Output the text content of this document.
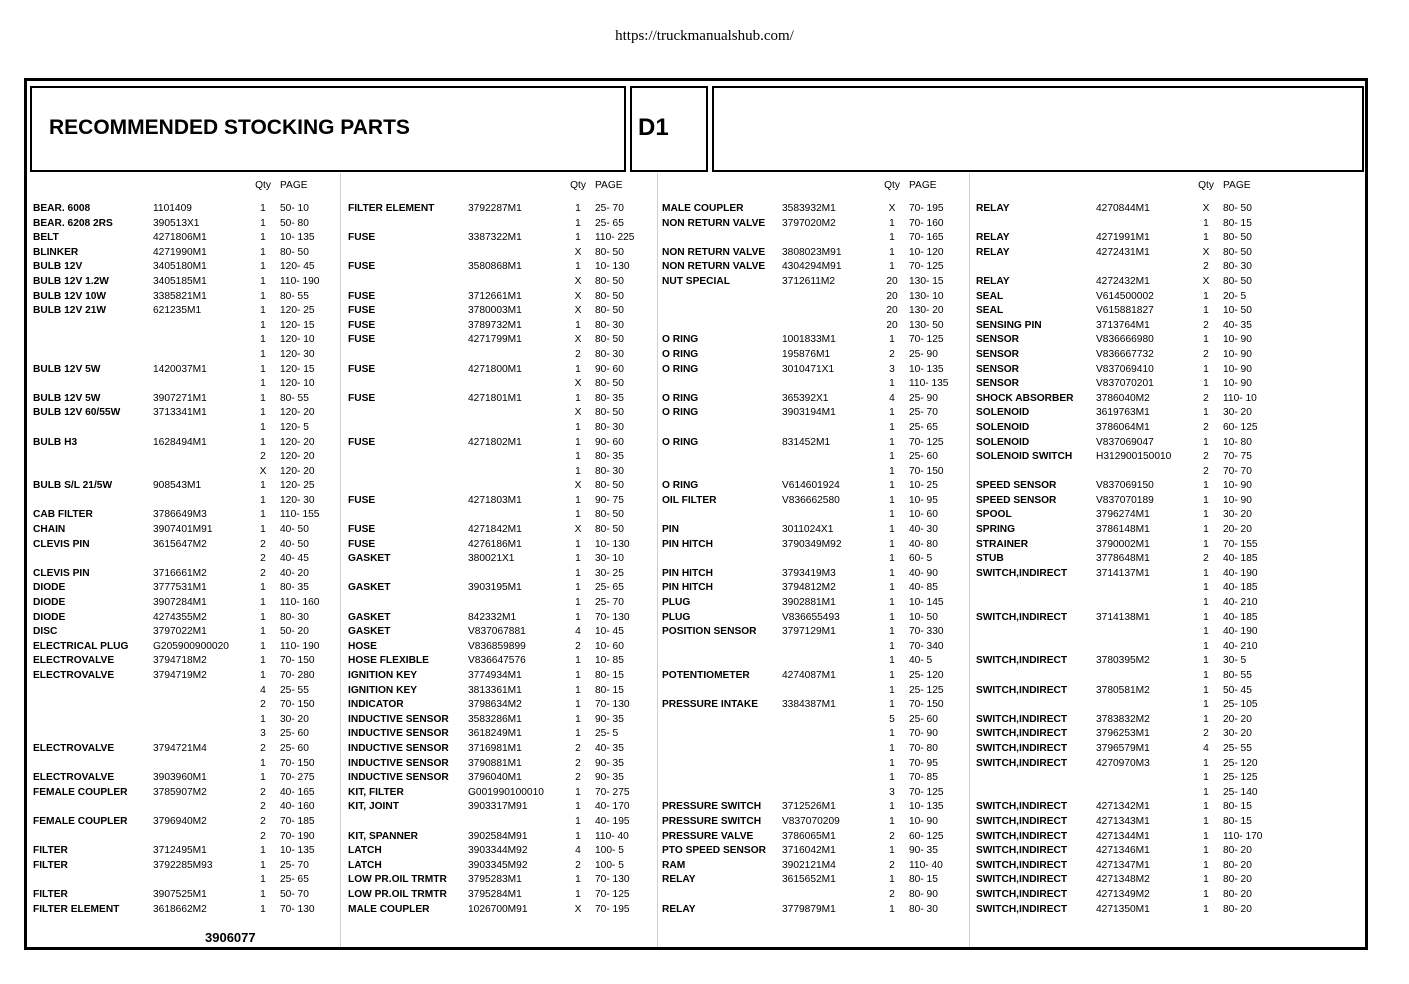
https://truckmanualshub.com/
RECOMMENDED STOCKING PARTS	D1
Qty PAGE
BEAR. 6008	1101409	1	50- 10
BEAR. 6208 2RS	390513X1	1	50- 80
BELT	4271806M1	1	10- 135
BLINKER	4271990M1	1	80- 50
BULB 12V	3405180M1	1	120- 45
BULB 12V 1.2W	3405185M1	1	110- 190
BULB 12V 10W	3385821M1	1	80- 55
BULB 12V 21W	621235M1	1	120- 25
1	120- 15
1	120- 10
1	120- 30
BULB 12V 5W	1420037M1	1	120- 15
1	120- 10
BULB 12V 5W	3907271M1	1	80- 55
BULB 12V 60/55W	3713341M1	1	120- 20
1	120- 5
BULB H3	1628494M1	1	120- 20
2	120- 20
X	120- 20
BULB S/L 21/5W	908543M1	1	120- 25
1	120- 30
CAB FILTER	3786649M3	1	110- 155
CHAIN	3907401M91	1	40- 50
CLEVIS PIN	3615647M2	2	40- 50
2	40- 45
CLEVIS PIN	3716661M2	2	40- 20
DIODE	3777531M1	1	80- 35
DIODE	3907284M1	1	110- 160
DIODE	4274355M2	1	80- 30
DISC	3797022M1	1	50- 20
ELECTRICAL PLUG G205900900020	1	110- 190
ELECTROVALVE	3794718M2	1	70- 150
ELECTROVALVE	3794719M2	1	70- 280
4	25- 55
2	70- 150
1	30- 20
3	25- 60
ELECTROVALVE	3794721M4	2	25- 60
1	70- 150
ELECTROVALVE	3903960M1	1	70- 275
FEMALE COUPLER 3785907M2	2	40- 165
2	40- 160
FEMALE COUPLER 3796940M2	2	70- 185
2	70- 190
FILTER	3712495M1	1	10- 135
FILTER	3792285M93	1	25- 70
1	25- 65
FILTER	3907525M1	1	50- 70
FILTER ELEMENT	3618662M2	1	70- 130
Qty PAGE
FILTER ELEMENT	3792287M1	1	25- 70
1	25- 65
FUSE	3387322M1	1	110- 225
X	80- 50
FUSE	3580868M1	1	10- 130
X	80- 50
FUSE	3712661M1	X	80- 50
FUSE	3780003M1	X	80- 50
FUSE	3789732M1	1	80- 30
FUSE	4271799M1	X	80- 50
2	80- 30
FUSE	4271800M1	1	90- 60
X	80- 50
FUSE	4271801M1	1	80- 35
X	80- 50
1	80- 30
FUSE	4271802M1	1	90- 60
1	80- 35
1	80- 30
X	80- 50
FUSE	4271803M1	1	90- 75
1	80- 50
FUSE	4271842M1	X	80- 50
FUSE	4276186M1	1	10- 130
GASKET	380021X1	1	30- 10
1	30- 25
GASKET	3903195M1	1	25- 65
1	25- 70
GASKET	842332M1	1	70- 130
GASKET	V837067881	4	10- 45
HOSE	V836859899	2	10- 60
HOSE FLEXIBLE	V836647576	1	10- 85
IGNITION KEY	3774934M1	1	80- 15
IGNITION KEY	3813361M1	1	80- 15
INDICATOR	3798634M2	1	70- 130
INDUCTIVE SENSOR 3583286M1	1	90- 35
INDUCTIVE SENSOR 3618249M1	1	25- 5
INDUCTIVE SENSOR 3716981M1	2	40- 35
INDUCTIVE SENSOR 3790881M1	2	90- 35
INDUCTIVE SENSOR 3796040M1	2	90- 35
KIT, FILTER	G001990100010	1	70- 275
KIT, JOINT	3903317M91	1	40- 170
1	40- 195
KIT, SPANNER	3902584M91	1	110- 40
LATCH	3903344M92	4	100- 5
LATCH	3903345M92	2	100- 5
LOW PR.OIL TRMTR 3795283M1	1	70- 130
LOW PR.OIL TRMTR 3795284M1	1	70- 125
MALE COUPLER	1026700M91	X	70- 195
Qty PAGE
MALE COUPLER	3583932M1	X	70- 195
NON RETURN VALVE 3797020M2	1	70- 160
1	70- 165
NON RETURN VALVE 3808023M91	1	10- 120
NON RETURN VALVE 4304294M91	1	70- 125
NUT SPECIAL	3712611M2	20	130- 15
20	130- 10
20	130- 20
20	130- 50
O RING	1001833M1	1	70- 125
O RING	195876M1	2	25- 90
O RING	3010471X1	3	10- 135
1	110- 135
O RING	365392X1	4	25- 90
O RING	3903194M1	1	25- 70
1	25- 65
O RING	831452M1	1	70- 125
1	25- 60
1	70- 150
O RING	V614601924	1	10- 25
OIL FILTER	V836662580	1	10- 95
1	10- 60
PIN	3011024X1	1	40- 30
PIN HITCH	3790349M92	1	40- 80
1	60- 5
PIN HITCH	3793419M3	1	40- 90
PIN HITCH	3794812M2	1	40- 85
PLUG	3902881M1	1	10- 145
PLUG	V836655493	1	10- 50
POSITION SENSOR 3797129M1	1	70- 330
1	70- 340
1	40- 5
POTENTIOMETER	4274087M1	1	25- 120
1	25- 125
PRESSURE INTAKE 3384387M1	1	70- 150
5	25- 60
1	70- 90
1	70- 80
1	70- 95
1	70- 85
3	70- 125
PRESSURE SWITCH 3712526M1	1	10- 135
PRESSURE SWITCH V837070209	1	10- 90
PRESSURE VALVE	3786065M1	2	60- 125
PTO SPEED SENSOR 3716042M1	1	90- 35
RAM	3902121M4	2	110- 40
RELAY	3615652M1	1	80- 15
2	80- 90
RELAY	3779879M1	1	80- 30
Qty PAGE
RELAY	4270844M1	X	80- 50
1	80- 15
RELAY	4271991M1	1	80- 50
RELAY	4272431M1	X	80- 50
2	80- 30
RELAY	4272432M1	X	80- 50
SEAL	V614500002	1	20- 5
SEAL	V615881827	1	10- 50
SENSING PIN	3713764M1	2	40- 35
SENSOR	V836666980	1	10- 90
SENSOR	V836667732	2	10- 90
SENSOR	V837069410	1	10- 90
SENSOR	V837070201	1	10- 90
SHOCK ABSORBER 3786040M2	2	110- 10
SOLENOID	3619763M1	1	30- 20
SOLENOID	3786064M1	2	60- 125
SOLENOID	V837069047	1	10- 80
SOLENOID SWITCH H312900150010	2	70- 75
2	70- 70
SPEED SENSOR	V837069150	1	10- 90
SPEED SENSOR	V837070189	1	10- 90
SPOOL	3796274M1	1	30- 20
SPRING	3786148M1	1	20- 20
STRAINER	3790002M1	1	70- 155
STUB	3778648M1	2	40- 185
SWITCH,INDIRECT	3714137M1	1	40- 190
1	40- 185
1	40- 210
SWITCH,INDIRECT	3714138M1	1	40- 185
1	40- 190
1	40- 210
SWITCH,INDIRECT	3780395M2	1	30- 5
1	80- 55
SWITCH,INDIRECT	3780581M2	1	50- 45
1	25- 105
SWITCH,INDIRECT	3783832M2	1	20- 20
SWITCH,INDIRECT	3796253M1	2	30- 20
SWITCH,INDIRECT	3796579M1	4	25- 55
SWITCH,INDIRECT	4270970M3	1	25- 120
1	25- 125
1	25- 140
SWITCH,INDIRECT	4271342M1	1	80- 15
SWITCH,INDIRECT	4271343M1	1	80- 15
SWITCH,INDIRECT	4271344M1	1	110- 170
SWITCH,INDIRECT	4271346M1	1	80- 20
SWITCH,INDIRECT	4271347M1	1	80- 20
SWITCH,INDIRECT	4271348M2	1	80- 20
SWITCH,INDIRECT	4271349M2	1	80- 20
SWITCH,INDIRECT	4271350M1	1	80- 20
3906077
